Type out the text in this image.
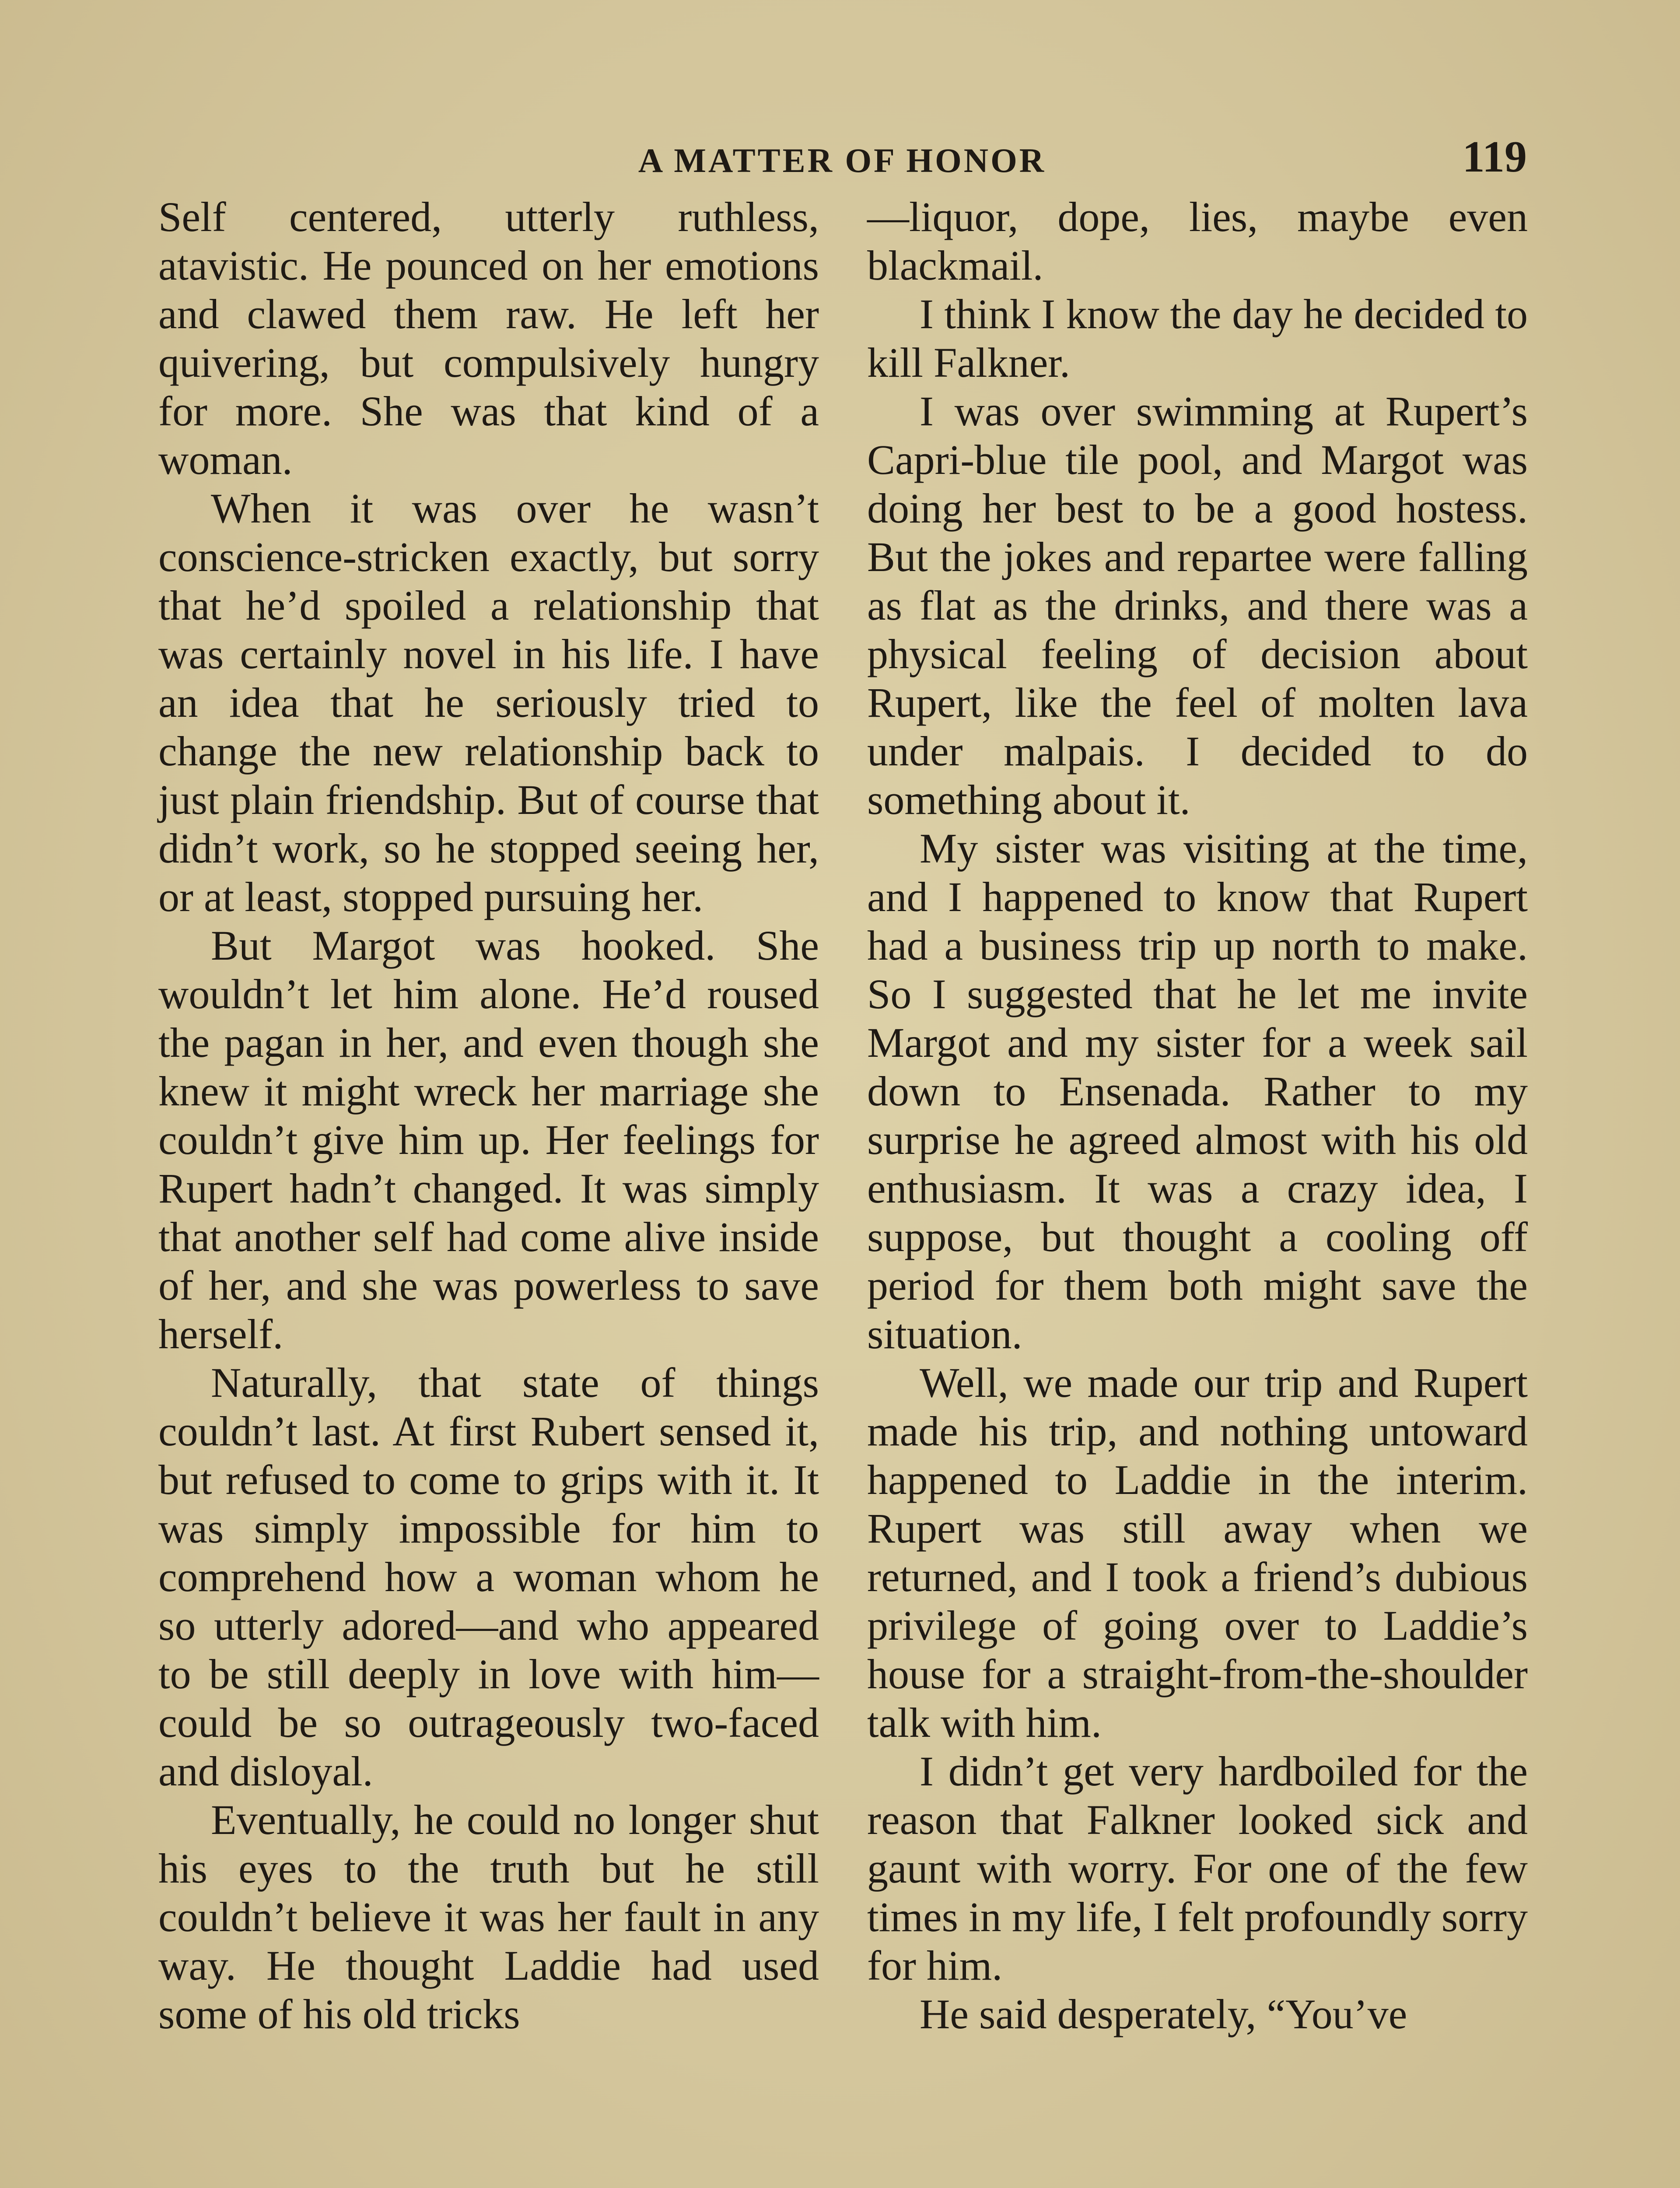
A MATTER OF HONOR	119

Self centered, utterly ruthless, atavistic. He pounced on her emotions and clawed them raw. He left her quivering, but compulsively hungry for more. She was that kind of a woman.

When it was over he wasn’t conscience-stricken exactly, but sorry that he’d spoiled a relationship that was certainly novel in his life. I have an idea that he seriously tried to change the new relationship back to just plain friendship. But of course that didn’t work, so he stopped seeing her, or at least, stopped pursuing her.

But Margot was hooked. She wouldn’t let him alone. He’d roused the pagan in her, and even though she knew it might wreck her marriage she couldn’t give him up. Her feelings for Rupert hadn’t changed. It was simply that another self had come alive inside of her, and she was powerless to save herself.

Naturally, that state of things couldn’t last. At first Rubert sensed it, but refused to come to grips with it. It was simply impossible for him to comprehend how a woman whom he so utterly adored—and who appeared to be still deeply in love with him—could be so outrageously two-faced and disloyal.

Eventually, he could no longer shut his eyes to the truth but he still couldn’t believe it was her fault in any way. He thought Laddie had used some of his old tricks

—liquor, dope, lies, maybe even blackmail.

I think I know the day he decided to kill Falkner.

I was over swimming at Rupert’s Capri-blue tile pool, and Margot was doing her best to be a good hostess. But the jokes and repartee were falling as flat as the drinks, and there was a physical feeling of decision about Rupert, like the feel of molten lava under malpais. I decided to do something about it.

My sister was visiting at the time, and I happened to know that Rupert had a business trip up north to make. So I suggested that he let me invite Margot and my sister for a week sail down to Ensenada. Rather to my surprise he agreed almost with his old enthusiasm. It was a crazy idea, I suppose, but thought a cooling off period for them both might save the situation.

Well, we made our trip and Rupert made his trip, and nothing untoward happened to Laddie in the interim. Rupert was still away when we returned, and I took a friend’s dubious privilege of going over to Laddie’s house for a straight-from-the-shoulder talk with him.

I didn’t get very hardboiled for the reason that Falkner looked sick and gaunt with worry. For one of the few times in my life, I felt profoundly sorry for him.

He said desperately, “You’ve
